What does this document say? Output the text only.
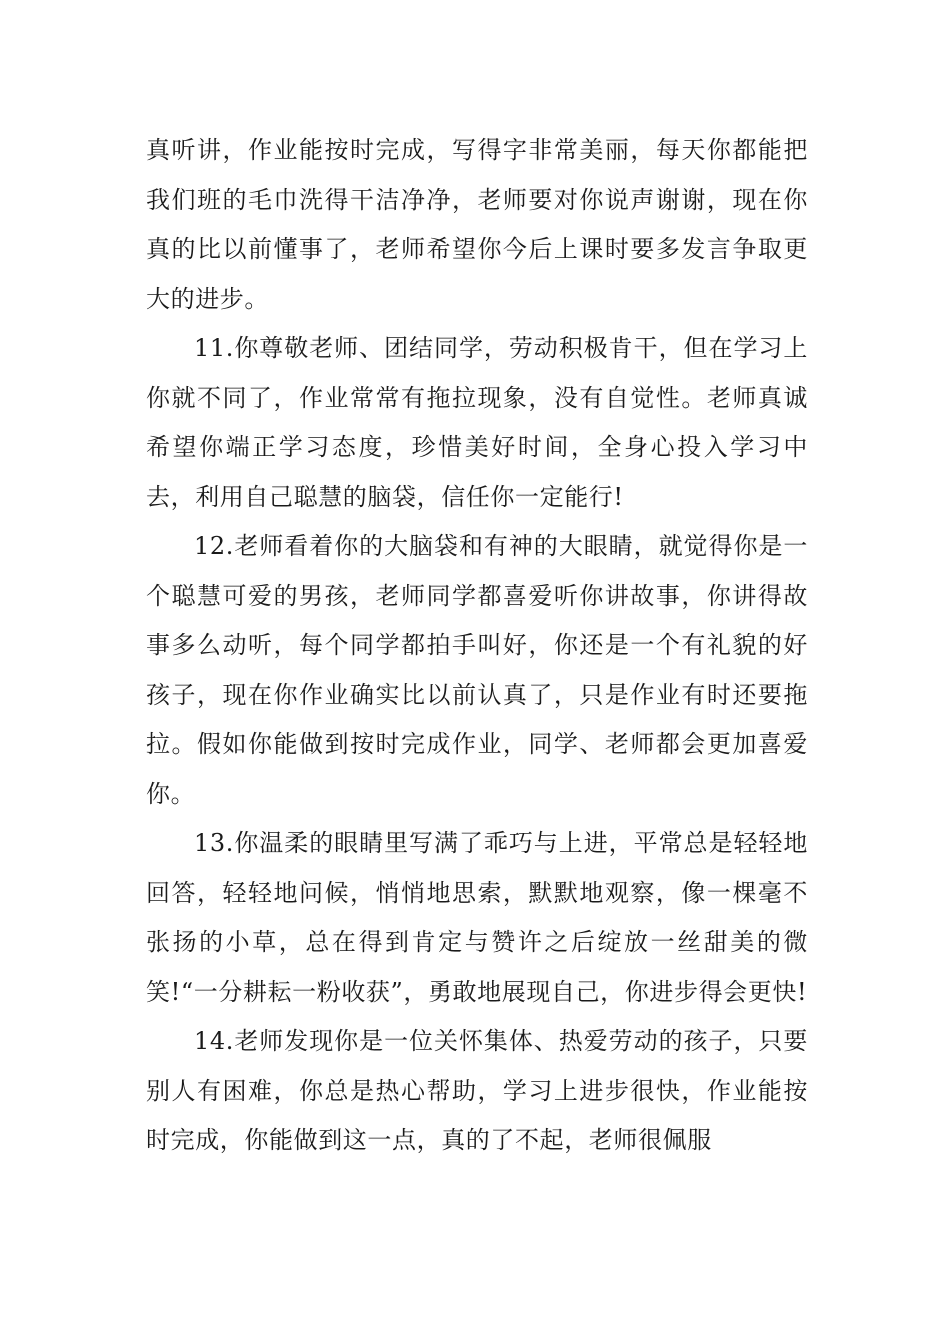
真听讲，作业能按时完成，写得字非常美丽，每天你都能把我们班的毛巾洗得干洁净净，老师要对你说声谢谢，现在你真的比以前懂事了，老师希望你今后上课时要多发言争取更大的进步。

11.你尊敬老师、团结同学，劳动积极肯干，但在学习上你就不同了，作业常常有拖拉现象，没有自觉性。老师真诚希望你端正学习态度，珍惜美好时间，全身心投入学习中去，利用自己聪慧的脑袋，信任你一定能行!

12.老师看着你的大脑袋和有神的大眼睛，就觉得你是一个聪慧可爱的男孩，老师同学都喜爱听你讲故事，你讲得故事多么动听，每个同学都拍手叫好，你还是一个有礼貌的好孩子，现在你作业确实比以前认真了，只是作业有时还要拖拉。假如你能做到按时完成作业，同学、老师都会更加喜爱你。

13.你温柔的眼睛里写满了乖巧与上进，平常总是轻轻地回答，轻轻地问候，悄悄地思索，默默地观察，像一棵毫不张扬的小草，总在得到肯定与赞许之后绽放一丝甜美的微笑!“一分耕耘一粉收获”，勇敢地展现自己，你进步得会更快!

14.老师发现你是一位关怀集体、热爱劳动的孩子，只要别人有困难，你总是热心帮助，学习上进步很快，作业能按时完成，你能做到这一点，真的了不起，老师很佩服
